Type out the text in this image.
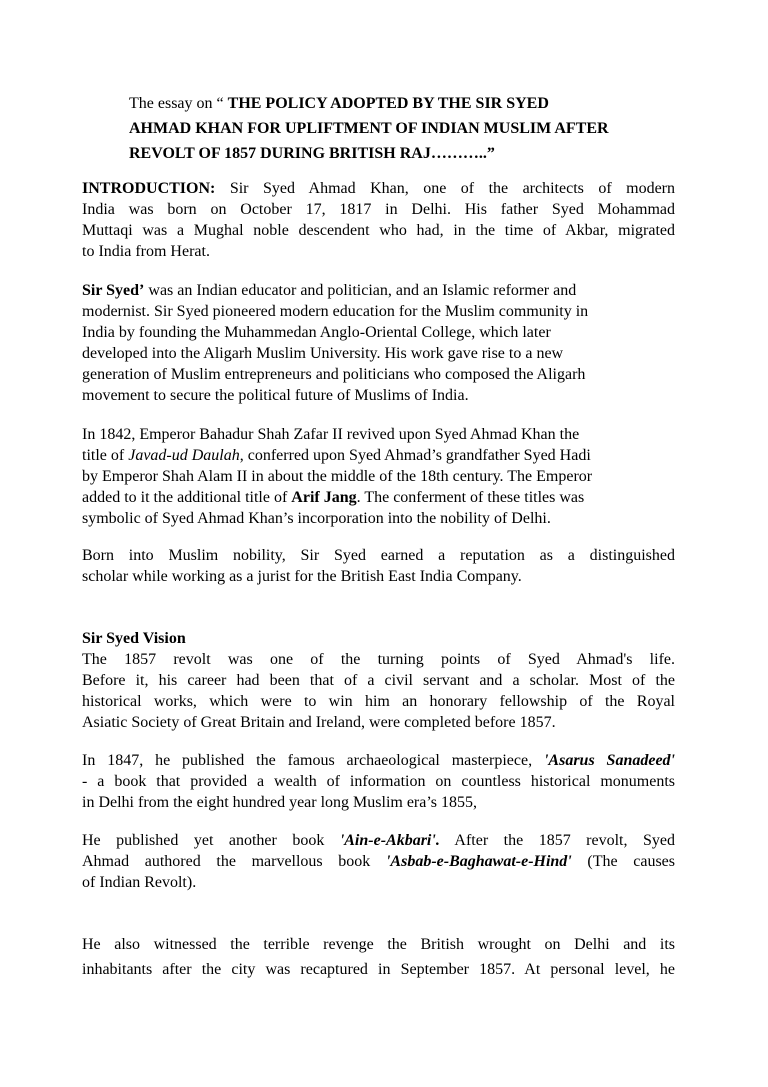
The essay on “ THE POLICY ADOPTED BY THE SIR SYED
AHMAD KHAN FOR UPLIFTMENT OF INDIAN MUSLIM AFTER
REVOLT OF 1857 DURING BRITISH RAJ………..”
INTRODUCTION: Sir Syed Ahmad Khan, one of the architects of modern
India was born on October 17, 1817 in Delhi. His father Syed Mohammad
Muttaqi was a Mughal noble descendent who had, in the time of Akbar, migrated
to India from Herat.
Sir Syed’ was an Indian educator and politician, and an Islamic reformer and
modernist. Sir Syed pioneered modern education for the Muslim community in
India by founding the Muhammedan Anglo-Oriental College, which later
developed into the Aligarh Muslim University. His work gave rise to a new
generation of Muslim entrepreneurs and politicians who composed the Aligarh
movement to secure the political future of Muslims of India.
In 1842, Emperor Bahadur Shah Zafar II revived upon Syed Ahmad Khan the
title of Javad-ud Daulah, conferred upon Syed Ahmad’s grandfather Syed Hadi
by Emperor Shah Alam II in about the middle of the 18th century. The Emperor
added to it the additional title of Arif Jang. The conferment of these titles was
symbolic of Syed Ahmad Khan’s incorporation into the nobility of Delhi.
Born into Muslim nobility, Sir Syed earned a reputation as a distinguished
scholar while working as a jurist for the British East India Company.
Sir Syed Vision
The 1857 revolt was one of the turning points of Syed Ahmad's life.
Before it, his career had been that of a civil servant and a scholar. Most of the
historical works, which were to win him an honorary fellowship of the Royal
Asiatic Society of Great Britain and Ireland, were completed before 1857.
In 1847, he published the famous archaeological masterpiece, 'Asarus Sanadeed'
- a book that provided a wealth of information on countless historical monuments
in Delhi from the eight hundred year long Muslim era’s 1855,
He published yet another book 'Ain-e-Akbari'. After the 1857 revolt, Syed
Ahmad authored the marvellous book 'Asbab-e-Baghawat-e-Hind' (The causes
of Indian Revolt).
He also witnessed the terrible revenge the British wrought on Delhi and its
inhabitants after the city was recaptured in September 1857. At personal level, he
